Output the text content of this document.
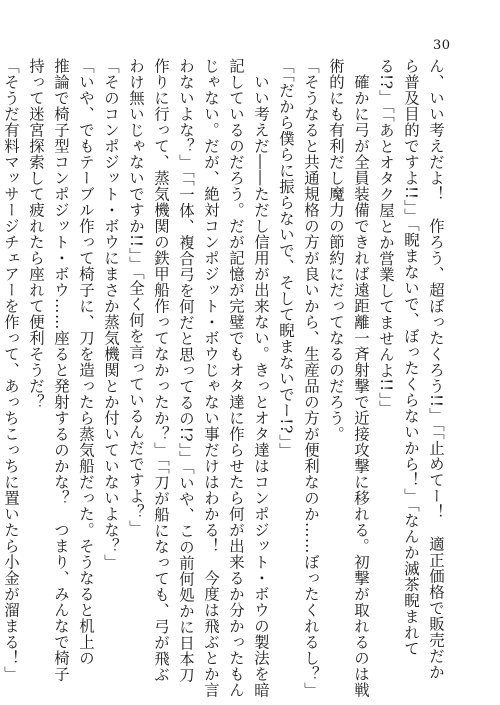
30
ん、いい考えだよ！　作ろう、超ぼったくろう!!」「「止めてー！　適正価格で販売だか
ら普及目的ですよ!!」」「睨まないで、ぼったくらないから！」「なんか滅茶睨まれて
る!?」「「あとオタク屋とか営業してませんよ!!」」
　確かに弓が全員装備できれば遠距離一斉射撃で近接攻撃に移れる。初撃が取れるのは戦
術的にも有利だし魔力の節約にだってなるのだろう。
「そうなると共通規格の方が良いから、生産品の方が便利なのか……ぼったくれるし？」
「「だから僕らに振らないで、そして睨まないでー!?」」
　いい考えだ――ただし信用が出来ない。きっとオタ達はコンポジット・ボウの製法を暗
記しているのだろう。だが記憶が完璧でもオタ達に作らせたら何が出来るか分かったもん
じゃない。だが、絶対コンポジット・ボウじゃない事だけはわかる！　今度は飛ぶとか言
わないよな？」「「一体、複合弓を何だと思ってるの!?」」「いや、この前何処かに日本刀
作りに行って、蒸気機関の鉄甲船作ってなかったか？」「「刀が船になっても、弓が飛ぶ
わけ無いじゃないですか!!」」「全く何を言っているんだですよ？」
「そのコンポジット・ボウにまさか蒸気機関とか付いていないよな？」
「いや、でもテーブル作って椅子に、刀を造ったら蒸気船だった。そうなると机上の
推論で椅子型コンポジット・ボウ……座ると発射するのかな？　つまり、みんなで椅子
持って迷宮探索して疲れたら座れて便利そうだ？
「そうだ有料マッサージチェアーを作って、あっちこっちに置いたら小金が溜まる！」
